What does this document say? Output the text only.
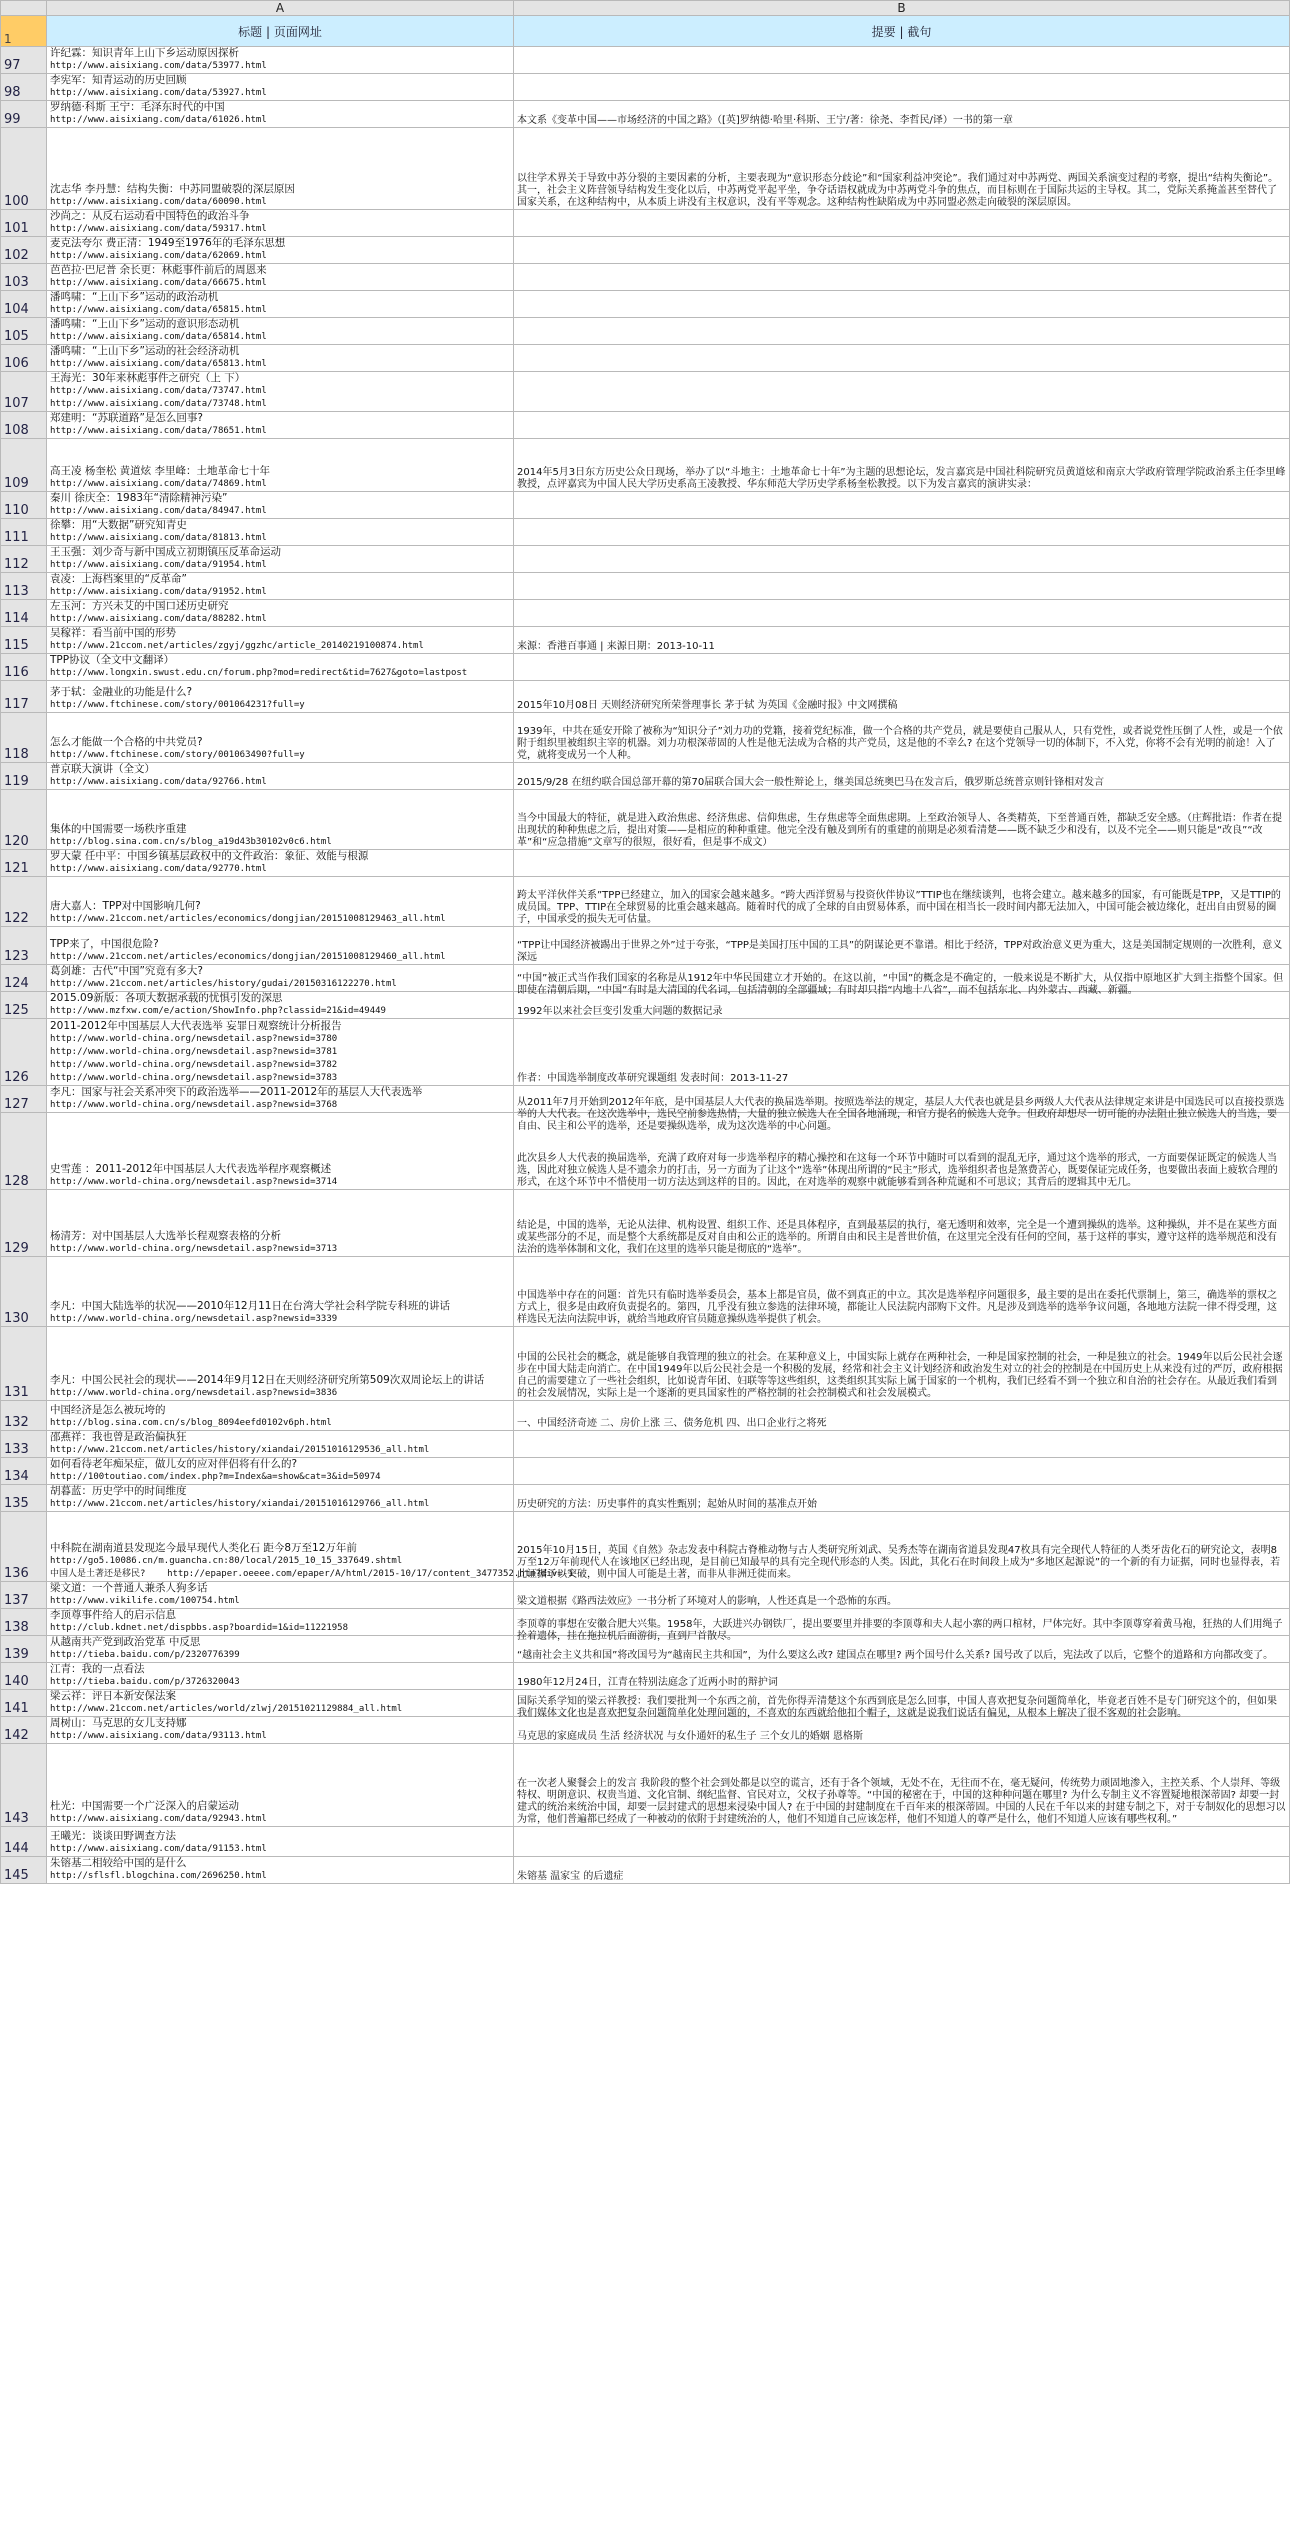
	A	B
1	标题 | 页面网址	提要 | 截句
97	许纪霖：知识青年上山下乡运动原因探析
http://www.aisixiang.com/data/53977.html	

98	李宪军：知青运动的历史回顾
http://www.aisixiang.com/data/53927.html	

99	罗纳德·科斯 王宁：毛泽东时代的中国
http://www.aisixiang.com/data/61026.html	本文系《变革中国——市场经济的中国之路》（[英]罗纳德·哈里·科斯、王宁/著：徐尧、李哲民/译）一书的第一章

100	沈志华 李丹慧：结构失衡：中苏同盟破裂的深层原因
http://www.aisixiang.com/data/60090.html	以往学术界关于导致中苏分裂的主要因素的分析，主要表现为“意识形态分歧论”和“国家利益冲突论”。我们通过对中苏两党、两国关系演变过程的考察，提出“结构失衡论”。其一，社会主义阵营领导结构发生变化以后，中苏两党平起平坐，争夺话语权就成为中苏两党斗争的焦点，而目标则在于国际共运的主导权。其二，党际关系掩盖甚至替代了国家关系，在这种结构中，从本质上讲没有主权意识，没有平等观念。这种结构性缺陷成为中苏同盟必然走向破裂的深层原因。

101	沙尚之：从反右运动看中国特色的政治斗争
http://www.aisixiang.com/data/59317.html	

102	麦克法夸尔 费正清：1949至1976年的毛泽东思想
http://www.aisixiang.com/data/62069.html	

103	芭芭拉·巴尼普 余长更：林彪事件前后的周恩来
http://www.aisixiang.com/data/66675.html	

104	潘鸣啸：“上山下乡”运动的政治动机
http://www.aisixiang.com/data/65815.html	

105	潘鸣啸：“上山下乡”运动的意识形态动机
http://www.aisixiang.com/data/65814.html	

106	潘鸣啸：“上山下乡”运动的社会经济动机
http://www.aisixiang.com/data/65813.html	

107	王海光：30年来林彪事件之研究（上 下）
http://www.aisixiang.com/data/73747.html
http://www.aisixiang.com/data/73748.html	

108	郑建明：“苏联道路”是怎么回事?
http://www.aisixiang.com/data/78651.html	

109	高王凌 杨奎松 黄道炫 李里峰：土地革命七十年
http://www.aisixiang.com/data/74869.html	2014年5月3日东方历史公众日现场，举办了以“斗地主：土地革命七十年”为主题的思想论坛，发言嘉宾是中国社科院研究员黄道炫和南京大学政府管理学院政治系主任李里峰教授，点评嘉宾为中国人民大学历史系高王凌教授、华东师范大学历史学系杨奎松教授。以下为发言嘉宾的演讲实录：

110	秦川 徐庆全：1983年“清除精神污染”
http://www.aisixiang.com/data/84947.html	

111	徐攀：用“大数据”研究知青史
http://www.aisixiang.com/data/81813.html	

112	王玉强：刘少奇与新中国成立初期镇压反革命运动
http://www.aisixiang.com/data/91954.html	

113	袁凌：上海档案里的“反革命”
http://www.aisixiang.com/data/91952.html	

114	左玉河：方兴未艾的中国口述历史研究
http://www.aisixiang.com/data/88282.html	

115	吴稼祥：看当前中国的形势
http://www.21ccom.net/articles/zgyj/ggzhc/article_20140219100874.html	来源：香港百事通 | 来源日期：2013-10-11

116	TPP协议（全文中文翻译）
http://www.longxin.swust.edu.cn/forum.php?mod=redirect&tid=7627&goto=lastpost	

117	茅于轼：金融业的功能是什么?
http://www.ftchinese.com/story/001064231?full=y	2015年10月08日 天则经济研究所荣誉理事长 茅于轼 为英国《金融时报》中文网撰稿

118	怎么才能做一个合格的中共党员?
http://www.ftchinese.com/story/001063490?full=y	1939年，中共在延安开除了被称为“知识分子”刘力功的党籍，接着党纪标准，做一个合格的共产党员，就是要使自己服从人，只有党性，或者说党性压倒了人性，或是一个依附于组织里被组织主宰的机器。刘力功根深蒂固的人性是他无法成为合格的共产党员，这是他的不幸么? 在这个党领导一切的体制下，不入党，你将不会有光明的前途！入了党，就将变成另一个人种。

119	普京联大演讲（全文）
http://www.aisixiang.com/data/92766.html	2015/9/28 在纽约联合国总部开幕的第70届联合国大会一般性辩论上，继美国总统奥巴马在发言后，俄罗斯总统普京则针锋相对发言

120	集体的中国需要一场秩序重建
http://blog.sina.com.cn/s/blog_a19d43b30102v0c6.html	当今中国最大的特征，就是进入政治焦虑、经济焦虑、信仰焦虑，生存焦虑等全面焦虑期。上至政治领导人、各类精英，下至普通百姓，都缺乏安全感。（庄辉批语：作者在提出现状的种种焦虑之后，提出对策——是相应的种种重建。他完全没有触及到所有的重建的前期是必须看清楚——既不缺乏少和没有，以及不完全——则只能是“改良”“改革”和“应急措施”文章写的很短，很好看，但是事不成文）

121	罗大蒙 任中平：中国乡镇基层政权中的文件政治：象征、效能与根源
http://www.aisixiang.com/data/92770.html	

122	唐大嘉人：TPP对中国影响几何?
http://www.21ccom.net/articles/economics/dongjian/20151008129463_all.html	跨太平洋伙伴关系”TPP已经建立，加入的国家会越来越多。“跨大西洋贸易与投资伙伴协议”TTIP也在继续谈判，也将会建立。越来越多的国家，有可能既是TPP，又是TTIP的成员国。TPP、TTIP在全球贸易的比重会越来越高。随着时代的成了全球的自由贸易体系，而中国在相当长一段时间内都无法加入，中国可能会被边缘化，赶出自由贸易的圈子，中国承受的损失无可估量。

123	TPP来了，中国很危险?
http://www.21ccom.net/articles/economics/dongjian/20151008129460_all.html	“TPP让中国经济被踢出于世界之外”过于夸张，“TPP是美国打压中国的工具”的阴谋论更不靠谱。相比于经济，TPP对政治意义更为重大，这是美国制定规则的一次胜利，意义深远

124	葛剑雄：古代“中国”究竟有多大?
http://www.21ccom.net/articles/history/gudai/20150316122270.html	“中国”被正式当作我们国家的名称是从1912年中华民国建立才开始的。在这以前，“中国”的概念是不确定的，一般来说是不断扩大，从仅指中原地区扩大到主指整个国家。但即使在清朝后期，“中国”有时是大清国的代名词，包括清朝的全部疆域；有时却只指“内地十八省”，而不包括东北、内外蒙古、西藏、新疆。

125	2015.09新版：各项大数据承载的忧惧引发的深思
http://www.mzfxw.com/e/action/ShowInfo.php?classid=21&id=49449	1992年以来社会巨变引发重大问题的数据记录

126	2011-2012年中国基层人大代表选举 妄罪日观察统计分析报告
http://www.world-china.org/newsdetail.asp?newsid=3780
http://www.world-china.org/newsdetail.asp?newsid=3781
http://www.world-china.org/newsdetail.asp?newsid=3782
http://www.world-china.org/newsdetail.asp?newsid=3783	作者：中国选举制度改革研究课题组 发表时间：2013-11-27

127	李凡：国家与社会关系冲突下的政治选举——2011-2012年的基层人大代表选举
http://www.world-china.org/newsdetail.asp?newsid=3768	从2011年7月开始到2012年年底，是中国基层人大代表的换届选举期。按照选举法的规定，基层人大代表也就是县乡两级人大代表从法律规定来讲是中国选民可以直接投票选举的人大代表。在这次选举中，选民空前参选热情，大量的独立候选人在全国各地涌现，和官方提名的候选人竞争。但政府却想尽一切可能的办法阻止独立候选人的当选，要自由、民主和公平的选举，还是要操纵选举，成为这次选举的中心问题。

128	史雪莲 ：2011-2012年中国基层人大代表选举程序观察概述
http://www.world-china.org/newsdetail.asp?newsid=3714	此次县乡人大代表的换届选举，充满了政府对每一步选举程序的精心操控和在这每一个环节中随时可以看到的混乱无序，通过这个选举的形式，一方面要保证既定的候选人当选，因此对独立候选人是不遗余力的打击，另一方面为了让这个“选举”体现出所谓的“民主”形式，选举组织者也是煞费苦心，既要保证完成任务，也要做出表面上疲软合理的形式，在这个环节中不惜使用一切方法达到这样的目的。因此，在对选举的观察中就能够看到各种荒诞和不可思议；其背后的逻辑其中无几。

129	杨清芳：对中国基层人大选举长程观察表格的分析
http://www.world-china.org/newsdetail.asp?newsid=3713	结论是，中国的选举，无论从法律、机构设置、组织工作、还是具体程序，直到最基层的执行，毫无透明和效率，完全是一个遭到操纵的选举。这种操纵，并不是在某些方面或某些部分的不足，而是整个大系统都是反对自由和公正的选举的。所谓自由和民主是普世价值，在这里完全没有任何的空间，基于这样的事实，遵守这样的选举规范和没有法治的选举体制和文化，我们在这里的选举只能是彻底的“选举”。

130	李凡：中国大陆选举的状况——2010年12月11日在台湾大学社会科学院专科班的讲话
http://www.world-china.org/newsdetail.asp?newsid=3339	中国选举中存在的问题：首先只有临时选举委员会，基本上都是官员，做不到真正的中立。其次是选举程序问题很多，最主要的是出在委托代票制上，第三，确选举的票权之方式上，很多是由政府负责提名的。第四，几乎没有独立参选的法律环境，都能让人民法院内部购下文件。凡是涉及到选举的选举争议问题，各地地方法院一律不得受理，这样选民无法向法院申诉，就给当地政府官员随意操纵选举提供了机会。

131	李凡：中国公民社会的现状——2014年9月12日在天则经济研究所第509次双周论坛上的讲话
http://www.world-china.org/newsdetail.asp?newsid=3836	中国的公民社会的概念，就是能够自我管理的独立的社会。在某种意义上，中国实际上就存在两种社会，一种是国家控制的社会，一种是独立的社会。1949年以后公民社会逐步在中国大陆走向消亡。在中国1949年以后公民社会是一个积极的发展，经常和社会主义计划经济和政治发生对立的社会的控制是在中国历史上从来没有过的严厉，政府根据自己的需要建立了一些社会组织，比如说青年团、妇联等等这些组织，这类组织其实际上属于国家的一个机构，我们已经看不到一个独立和自治的社会存在。从最近我们看到的社会发展情况，实际上是一个逐渐的更具国家性的严格控制的社会控制模式和社会发展模式。

132	中国经济是怎么被玩垮的
http://blog.sina.com.cn/s/blog_8094eefd0102v6ph.html	一、中国经济奇迹 二、房价上涨 三、债务危机 四、出口企业行之将死

133	邵燕祥：我也曾是政治偏执狂
http://www.21ccom.net/articles/history/xiandai/20151016129536_all.html	

134	如何看待老年痴呆症，做儿女的应对伴侣将有什么的?
http://100toutiao.com/index.php?m=Index&a=show&cat=3&id=50974	

135	胡暮蓝：历史学中的时间维度
http://www.21ccom.net/articles/history/xiandai/20151016129766_all.html	历史研究的方法：历史事件的真实性甄别；起始从时间的基准点开始

136	中科院在湖南道县发现迄今最早现代人类化石 距今8万至12万年前
http://go5.10086.cn/m.guancha.cn:80/local/2015_10_15_337649.shtml
中国人是土著还是移民?    http://epaper.oeeee.com/epaper/A/html/2015-10/17/content_3477352.htm?div=-1	2015年10月15日，英国《自然》杂志发表中科院古脊椎动物与古人类研究所刘武、吴秀杰等在湖南省道县发现47枚具有完全现代人特征的人类牙齿化石的研究论文，表明8万至12万年前现代人在该地区已经出现，是目前已知最早的具有完全现代形态的人类。因此，其化石在时间段上成为“多地区起源说”的一个新的有力证据，同时也显得表，若此证据予以突破，则中国人可能是土著，而非从非洲迁徙而来。

137	梁文道：一个普通人兼杀人狗多话
http://www.vikilife.com/100754.html	梁文道根据《路西法效应》一书分析了环境对人的影响，人性还真是一个恐怖的东西。

138	李顶尊事件给人的启示信息
http://club.kdnet.net/dispbbs.asp?boardid=1&id=11221958	李顶尊的事想在安徽合肥大兴集。1958年，大跃进兴办钢铁厂，提出要要里并排要的李顶尊和夫人起小寨的两口棺材，尸体完好。其中李顶尊穿着黄马袍，狂热的人们用绳子拴着遗体，挂在拖拉机后面游街，直到尸首散尽。

139	从越南共产党到政治党革 中反思
http://tieba.baidu.com/p/2320776399	“越南社会主义共和国”将改国号为“越南民主共和国”，为什么要这么改? 建国点在哪里? 两个国号什么关系? 国号改了以后，宪法改了以后，它整个的道路和方向都改变了。

140	江青：我的一点看法
http://tieba.baidu.com/p/3726320043	1980年12月24日，江青在特别法庭念了近两小时的辩护词

141	梁云祥：评日本新安保法案
http://www.21ccom.net/articles/world/zlwj/20151021129884_all.html	国际关系学知的梁云祥教授：我们要批判一个东西之前，首先你得弄清楚这个东西到底是怎么回事，中国人喜欢把复杂问题简单化，毕竟老百姓不是专门研究这个的，但如果我们媒体文化也是喜欢把复杂问题简单化处理问题的，不喜欢的东西就给他扣个帽子，这就是说我们说话有偏见，从根本上解决了很不客观的社会影响。

142	周树山：马克思的女儿支持娜
http://www.aisixiang.com/data/93113.html	马克思的家庭成员 生活 经济状况 与女仆通奸的私生子 三个女儿的婚姻 恩格斯

143	杜光：中国需要一个广泛深入的启蒙运动
http://www.aisixiang.com/data/92943.html	在一次老人聚餐会上的发言 我阶段的整个社会到处都是以空的谎言，还有于各个领域，无处不在，无往而不在，毫无疑问，传统势力顽固地渗入，主控关系、个人崇拜、等级特权、明朗意识、权贵当道、文化官制、纲纪监督、官民对立，父权子孙尊等。“中国的秘密在于，中国的这种种问题在哪里? 为什么专制主义不容置疑地根深蒂固? 却要一封建式的统治来统治中国，却要一层封建式的思想来浸染中国人? 在于中国的封建制度在千百年来的根深蒂固。中国的人民在千年以来的封建专制之下，对于专制奴化的思想习以为常，他们普遍都已经成了一种被动的依附于封建统治的人，他们不知道自己应该怎样，他们不知道人的尊严是什么，他们不知道人应该有哪些权利。”

144	王曦光：谈谈田野调查方法
http://www.aisixiang.com/data/91153.html	

145	朱镕基二相较给中国的是什么
http://sflsfl.blogchina.com/2696250.html	朱镕基 温家宝 的后遗症
